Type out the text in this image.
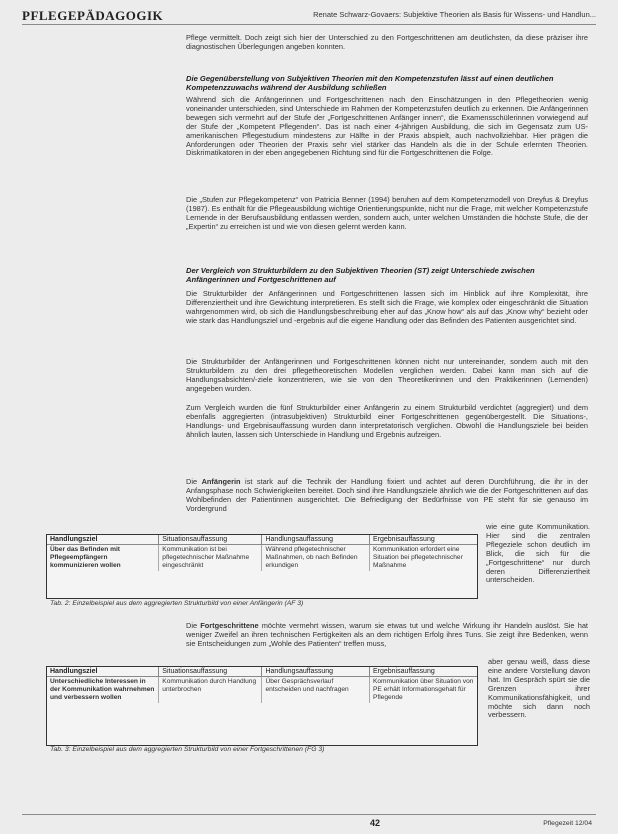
PFLEGEPÄDAGOGIK	Renate Schwarz-Govaers: Subjektive Theorien als Basis für Wissens- und Handlun...

Pflege vermittelt. Doch zeigt sich hier der Unterschied zu den Fortgeschrittenen am deutlichsten, da diese präziser ihre diagnostischen Überlegungen angeben konnten.

Die Gegenüberstellung von Subjektiven Theorien mit den Kompetenzstufen lässt auf einen deutlichen Kompetenzzuwachs während der Ausbildung schließen

Während sich die Anfängerinnen und Fortgeschrittenen nach den Einschätzungen in den Pflegetheorien wenig voneinander unterschieden, sind Unterschiede im Rahmen der Kompetenzstufen deutlich zu erkennen. Die Anfängerinnen bewegen sich vermehrt auf der Stufe der „Fortgeschrittenen Anfänger innen“, die Examensschülerinnen vorwiegend auf der Stufe der „Kompetent Pflegenden“. Das ist nach einer 4-jährigen Ausbildung, die sich im Gegensatz zum US-amerikanischen Pflegestudium mindestens zur Hälfte in der Praxis abspielt, auch nachvollziehbar. Hier prägen die Anforderungen oder Theorien der Praxis sehr viel stärker das Handeln als die in der Schule erlernten Theorien. Diskrimatikatoren in der eben angegebenen Richtung sind für die Fortgeschrittenen die Folge.

Die „Stufen zur Pflegekompetenz“ von Patricia Benner (1994) beruhen auf dem Kompetenzmodell von Dreyfus & Dreyfus (1987). Es enthält für die Pflegeausbildung wichtige Orientierungspunkte, nicht nur die Frage, mit welcher Kompetenzstufe Lernende in der Berufsausbildung entlassen werden, sondern auch, unter welchen Umständen die höchste Stufe, die der „Expertin“ zu erreichen ist und wie von diesen gelernt werden kann.

Der Vergleich von Strukturbildern zu den Subjektiven Theorien (ST) zeigt Unterschiede zwischen Anfängerinnen und Fortgeschrittenen auf

Die Strukturbilder der Anfängerinnen und Fortgeschrittenen lassen sich im Hinblick auf ihre Komplexität, ihre Differenziertheit und ihre Gewichtung interpretieren. Es stellt sich die Frage, wie komplex oder eingeschränkt die Situation wahrgenommen wird, ob sich die Handlungsbeschreibung eher auf das „Know how“ als auf das „Know why“ bezieht oder wie stark das Handlungsziel und -ergebnis auf die eigene Handlung oder das Befinden des Patienten ausgerichtet sind.

Die Strukturbilder der Anfängerinnen und Fortgeschrittenen können nicht nur untereinander, sondern auch mit den Strukturbildern zu den drei pflegetheoretischen Modellen verglichen werden. Dabei kann man sich auf die Handlungsabsichten/-ziele konzentrieren, wie sie von den Theoretikerinnen und den Praktikerinnen (Lernenden) angegeben wurden.

Zum Vergleich wurden die fünf Strukturbilder einer Anfängerin zu einem Strukturbild verdichtet (aggregiert) und dem ebenfalls aggregierten (intrasubjektiven) Strukturbild einer Fortgeschrittenen gegenübergestellt. Die Situations-, Handlungs- und Ergebnisauffassung wurden dann interpretatorisch verglichen. Obwohl die Handlungsziele bei beiden ähnlich lauten, lassen sich Unterschiede in Handlung und Ergebnis aufzeigen.

Die Anfängerin ist stark auf die Technik der Handlung fixiert und achtet auf deren Durchführung, die ihr in der Anfangsphase noch Schwierigkeiten bereitet. Doch sind ihre Handlungsziele ähnlich wie die der Fortgeschrittenen auf das Wohlbefinden der Patientinnen ausgerichtet. Die Befriedigung der Bedürfnisse von PE steht für sie genauso im Vordergrund

wie eine gute Kommunikation. Hier sind die zentralen Pflegeziele schon deutlich im Blick, die sich für die „Fortgeschrittene“ nur durch deren Differenziertheit unterscheiden.

Handlungsziel	Situationsauffassung	Handlungsauffassung	Ergebnisauffassung
Über das Befinden mit Pflegeempfängern kommunizieren wollen	Kommunikation ist bei pflegetechnischer Maßnahme eingeschränkt	Während pflegetechnischer Maßnahmen, ob nach Befinden erkundigen	Kommunikation erfordert eine Situation bei pflegetechnischer Maßnahme
Tab. 2: Einzelbeispiel aus dem aggregierten Strukturbild von einer Anfängerin (AF 3)

Die Fortgeschrittene möchte vermehrt wissen, warum sie etwas tut und welche Wirkung ihr Handeln auslöst. Sie hat weniger Zweifel an ihren technischen Fertigkeiten als an dem richtigen Erfolg ihres Tuns. Sie zeigt ihre Bedenken, wenn sie Entscheidungen zum „Wohle des Patienten“ treffen muss,

aber genau weiß, dass diese eine andere Vorstellung davon hat. Im Gespräch spürt sie die Grenzen ihrer Kommunikationsfähigkeit, und möchte sich dann noch verbessern.

Handlungsziel	Situationsauffassung	Handlungsauffassung	Ergebnisauffassung
Unterschiedliche Interessen in der Kommunikation wahrnehmen und verbessern wollen	Kommunikation durch Handlung unterbrochen	Über Gesprächsverlauf entscheiden und nachfragen	Kommunikation über Situation von PE erhält Informationsgehalt für Pflegende
Tab. 3: Einzelbeispiel aus dem aggregierten Strukturbild von einer Fortgeschrittenen (FG 3)
42	Pflegezeit 12/04
